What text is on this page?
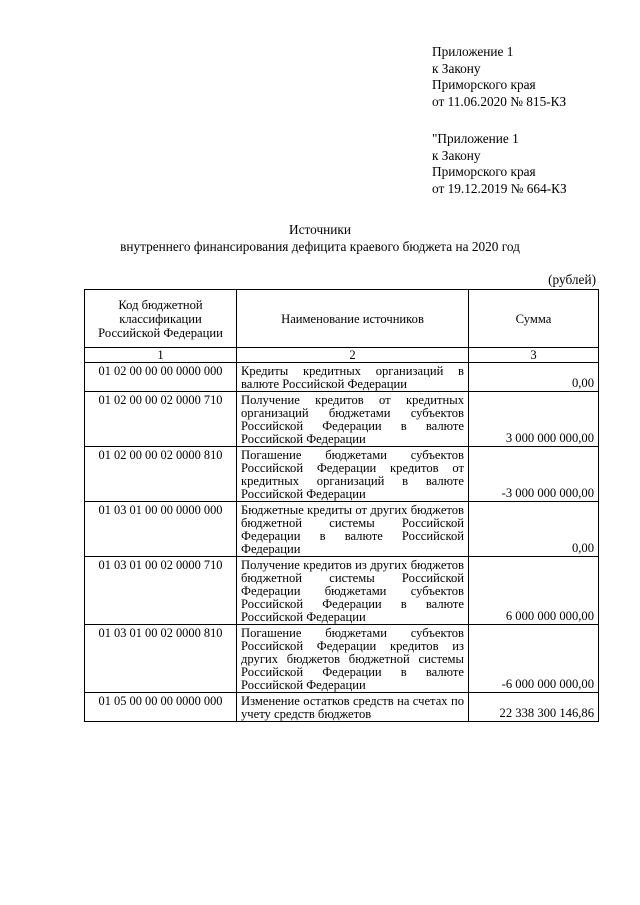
Приложение 1
к Закону
Приморского края
от 11.06.2020 № 815-КЗ
"Приложение 1
к Закону
Приморского края
от 19.12.2019 № 664-КЗ
Источники
внутреннего финансирования дефицита краевого бюджета на 2020 год
(рублей)
Код бюджетной классификации Российской Федерации	Наименование источников	Сумма
1	2	3
01 02 00 00 00 0000 000	Кредиты кредитных организаций в валюте Российской Федерации	0,00
01 02 00 00 02 0000 710	Получение кредитов от кредитных организаций бюджетами субъектов Российской Федерации в валюте Российской Федерации	3 000 000 000,00
01 02 00 00 02 0000 810	Погашение бюджетами субъектов Российской Федерации кредитов от кредитных организаций в валюте Российской Федерации	-3 000 000 000,00
01 03 01 00 00 0000 000	Бюджетные кредиты от других бюджетов бюджетной системы Российской Федерации в валюте Российской Федерации	0,00
01 03 01 00 02 0000 710	Получение кредитов из других бюджетов бюджетной системы Российской Федерации бюджетами субъектов Российской Федерации в валюте Российской Федерации	6 000 000 000,00
01 03 01 00 02 0000 810	Погашение бюджетами субъектов Российской Федерации кредитов из других бюджетов бюджетной системы Российской Федерации в валюте Российской Федерации	-6 000 000 000,00
01 05 00 00 00 0000 000	Изменение остатков средств на счетах по учету средств бюджетов	22 338 300 146,86
